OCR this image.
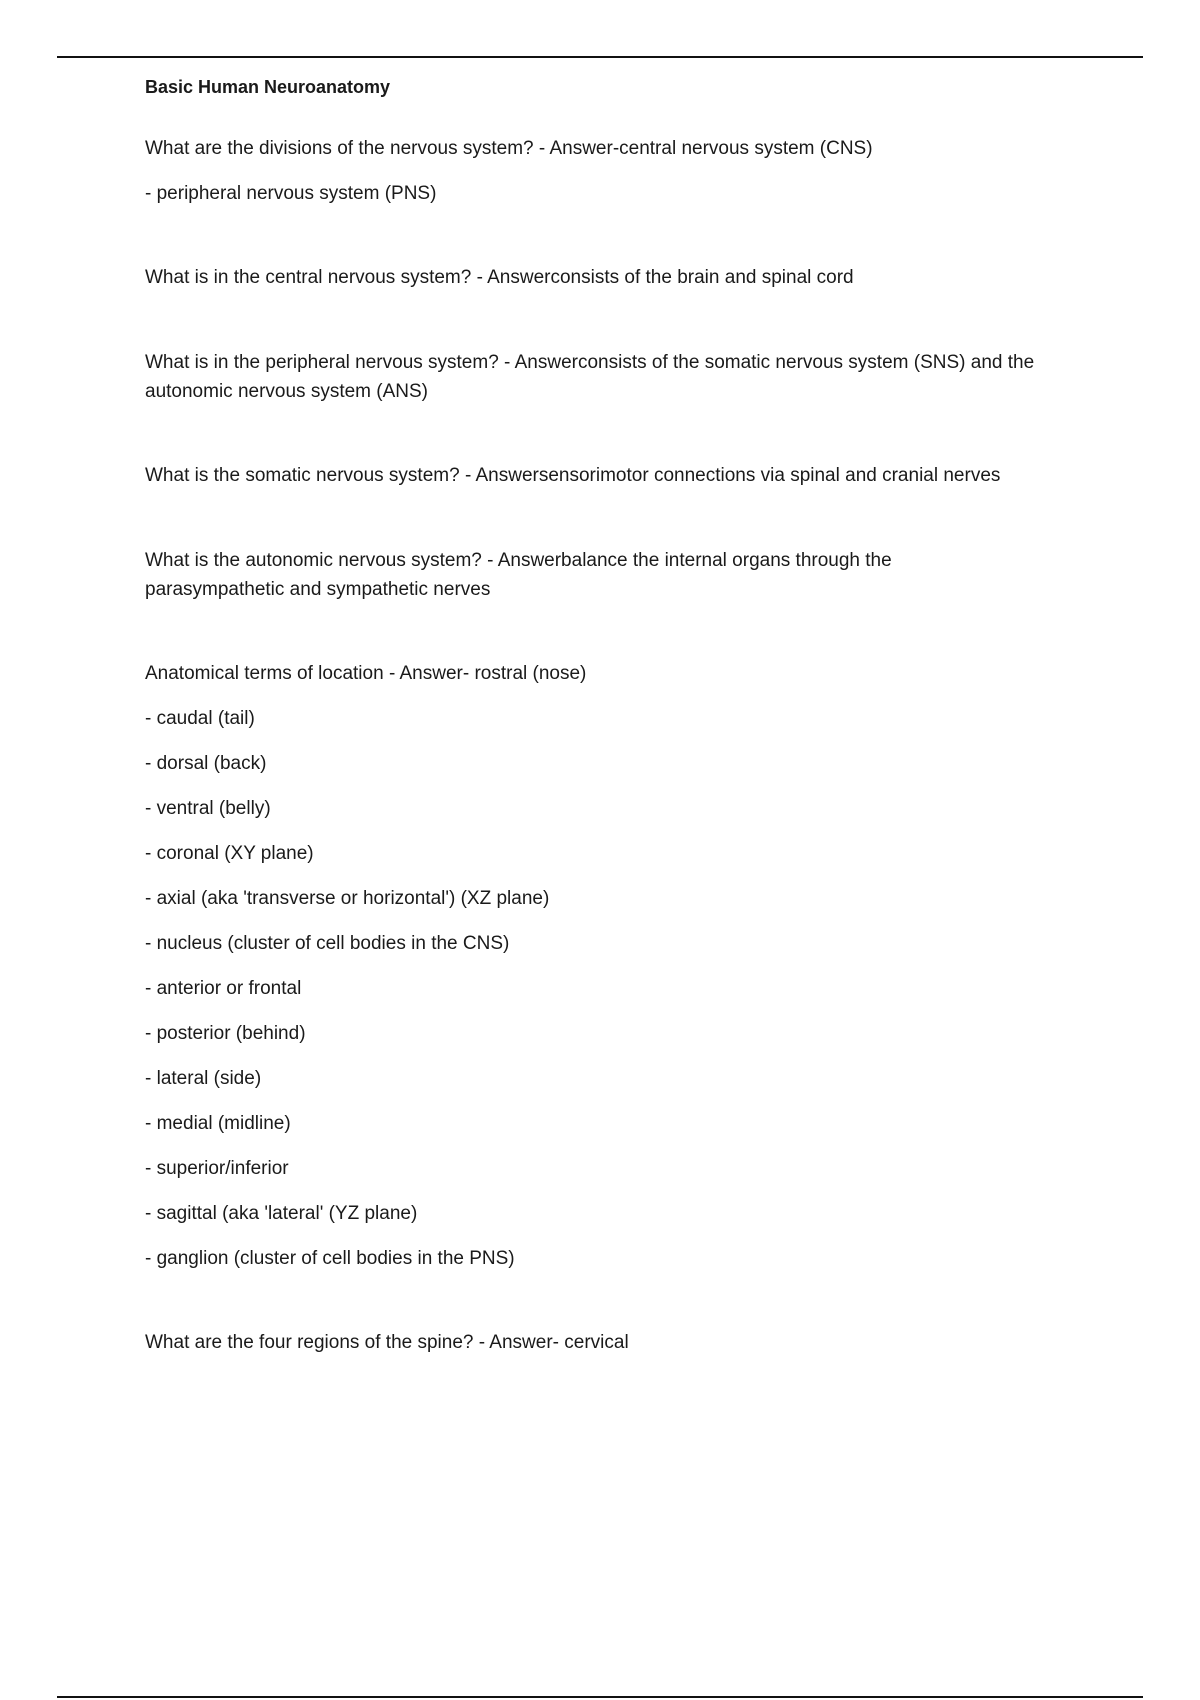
Basic Human Neuroanatomy
What are the divisions of the nervous system? - Answer-central nervous system (CNS)
- peripheral nervous system (PNS)
What is in the central nervous system? - Answerconsists of the brain and spinal cord
What is in the peripheral nervous system? - Answerconsists of the somatic nervous system (SNS) and the autonomic nervous system (ANS)
What is the somatic nervous system? - Answersensorimotor connections via spinal and cranial nerves
What is the autonomic nervous system? - Answerbalance the internal organs through the parasympathetic and sympathetic nerves
Anatomical terms of location - Answer- rostral (nose)
- caudal (tail)
- dorsal (back)
- ventral (belly)
- coronal (XY plane)
- axial (aka 'transverse or horizontal') (XZ plane)
- nucleus (cluster of cell bodies in the CNS)
- anterior or frontal
- posterior (behind)
- lateral (side)
- medial (midline)
- superior/inferior
- sagittal (aka 'lateral' (YZ plane)
- ganglion (cluster of cell bodies in the PNS)
What are the four regions of the spine? - Answer- cervical
